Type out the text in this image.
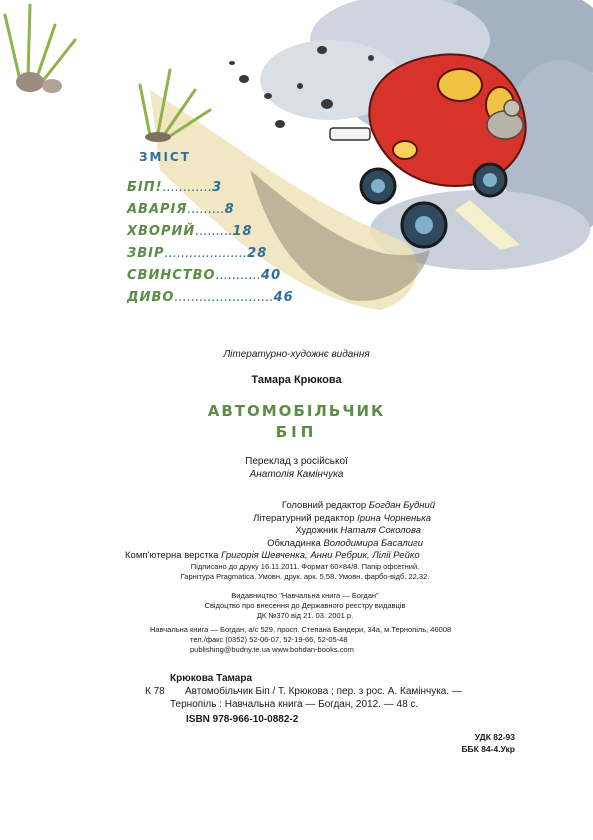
ЗМІСТ
БІП!............3
АВАРІЯ.........8
ХВОРИЙ.........18
ЗВІР....................28
СВИНСТВО...........40
ДИВО........................46
Літературно-художнє видання
Тамара Крюкова
АВТОМОБІЛЬЧИК
БІП
Переклад з російської
Анатолія Камінчука
Головний редактор Богдан Будний
Літературний редактор Ірина Чорненька
Художник Наталя Соколова
Обкладинка Володимира Басалиги
Комп'ютерна верстка Григорія Шевченка, Анни Ребрик, Лілії Рейко
Підписано до друку 16.11.2011. Формат 60×84/8. Папір офсетний.
Гарнітура Pragmatica. Умовн. друк. арк. 5,58. Умовн. фарбо-відб. 22,32.
Видавництво "Навчальна книга — Богдан"
Свідоцтво про внесення до Державного реєстру видавців
ДК №370 від 21. 03. 2001 р.
Навчальна книга — Богдан, а/с 529, просп. Степана Бандери, 34а, м.Тернопіль, 46008
тел./факс (0352) 52-06-07, 52-19-66, 52-05-48
publishing@budny.te.ua www.bohdan-books.com
Крюкова Тамара
К 78 Автомобільчик Біп / Т. Крюкова ; пер. з рос. А. Камінчука. —
Тернопіль : Навчальна книга — Богдан, 2012. — 48 с.
ISBN 978-966-10-0882-2
УДК 82-93
ББК 84-4.Укр
